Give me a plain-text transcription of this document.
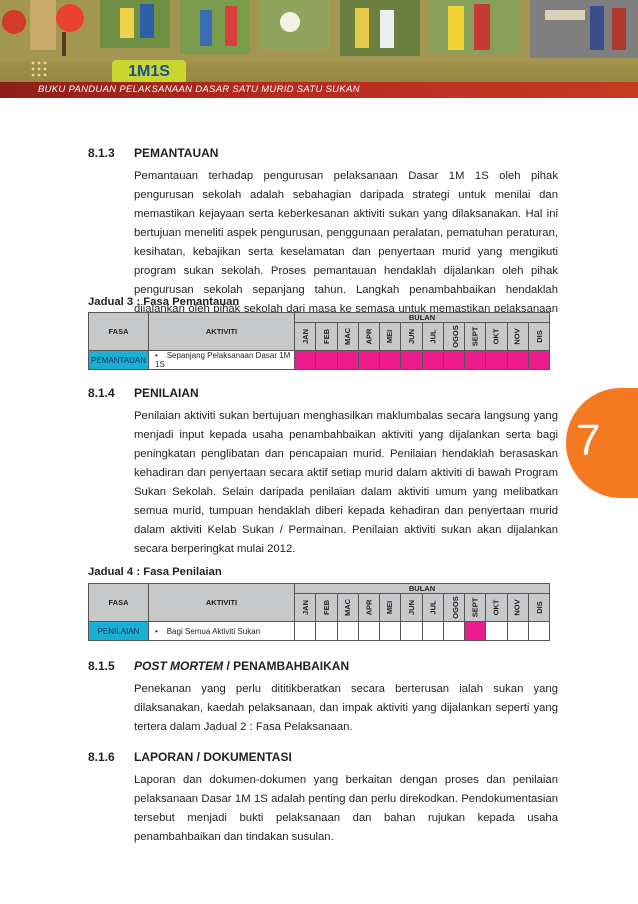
1M1S
BUKU PANDUAN PELAKSANAAN DASAR SATU MURID SATU SUKAN
7
8.1.3 PEMANTAUAN

Pemantauan terhadap pengurusan pelaksanaan Dasar 1M 1S oleh pihak pengurusan sekolah adalah sebahagian daripada strategi untuk menilai dan memastikan kejayaan serta keberkesanan aktiviti sukan yang dilaksanakan. Hal ini bertujuan meneliti aspek pengurusan, penggunaan peralatan, pematuhan peraturan, kesihatan, kebajikan serta keselamatan dan penyertaan murid yang mengikuti program sukan sekolah. Proses pemantauan hendaklah dijalankan oleh pihak pengurusan sekolah sepanjang tahun. Langkah penambahbaikan hendaklah dijalankan oleh pihak sekolah dari masa ke semasa untuk memastikan pelaksanaan Dasar 1M 1S.

Jadual 3 : Fasa Pemantauan
FASA	AKTIVITI	BULAN											
		JAN	FEB	MAC	APR	MEI	JUN	JUL	OGOS	SEPT	OKT	NOV	DIS
PEMANTAUAN	•    Sepanjang Pelaksanaan Dasar 1M 1S												
8.1.4 PENILAIAN

Penilaian aktiviti sukan bertujuan menghasilkan maklumbalas secara langsung yang menjadi input kepada usaha penambahbaikan aktiviti yang dijalankan serta bagi peningkatan penglibatan dan pencapaian murid. Penilaian hendaklah berasaskan kehadiran dan penyertaan secara aktif setiap murid dalam aktiviti di bawah Program Sukan Sekolah. Selain daripada penilaian dalam aktiviti umum yang melibatkan semua murid, tumpuan hendaklah diberi kepada kehadiran dan penyertaan murid dalam aktiviti Kelab Sukan / Permainan. Penilaian aktiviti sukan akan dijalankan secara berperingkat mulai 2012.

Jadual 4 : Fasa Penilaian
FASA	AKTIVITI	BULAN											
		JAN	FEB	MAC	APR	MEI	JUN	JUL	OGOS	SEPT	OKT	NOV	DIS
PENILAIAN	•    Bagi Semua Aktiviti Sukan												
8.1.5 POST MORTEM / PENAMBAHBAIKAN

Penekanan yang perlu dititikberatkan secara berterusan ialah sukan yang dilaksanakan, kaedah pelaksanaan, dan impak aktiviti yang dijalankan seperti yang tertera dalam Jadual 2 : Fasa Pelaksanaan.

8.1.6 LAPORAN / DOKUMENTASI

Laporan dan dokumen-dokumen yang berkaitan dengan proses dan penilaian pelaksanaan Dasar 1M 1S adalah penting dan perlu direkodkan. Pendokumentasian tersebut menjadi bukti pelaksanaan dan bahan rujukan kepada usaha penambahbaikan dan tindakan susulan.
